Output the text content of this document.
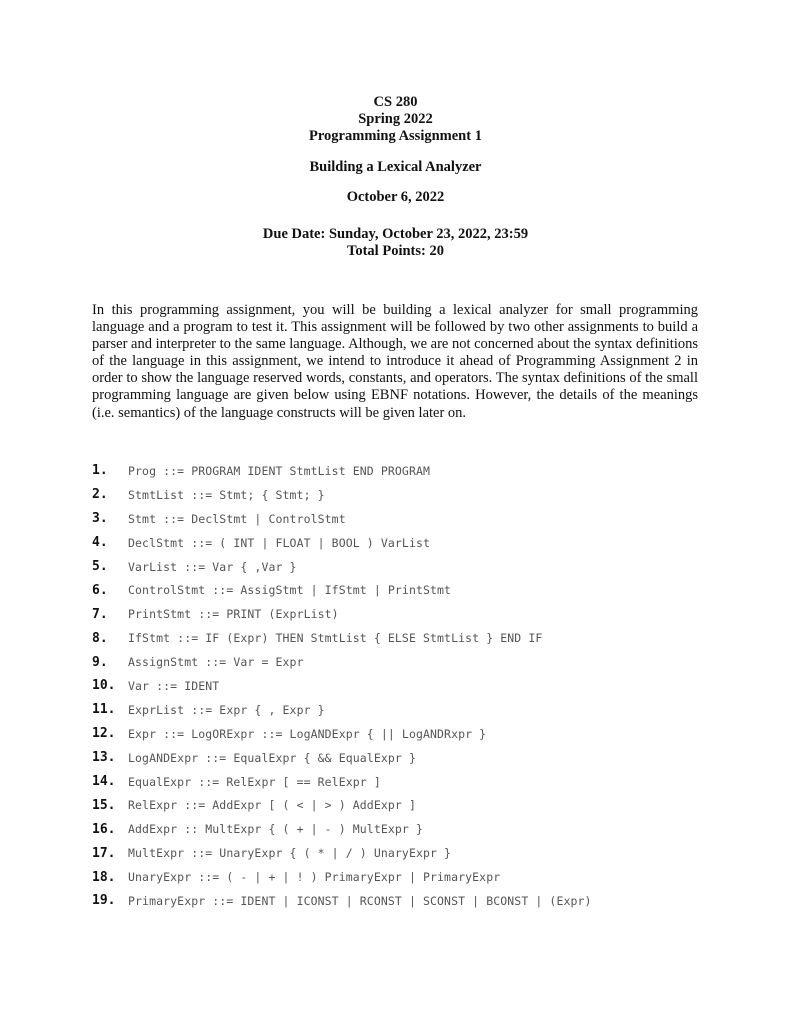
CS 280
Spring 2022
Programming Assignment 1
Building a Lexical Analyzer
October 6, 2022
Due Date: Sunday, October 23, 2022, 23:59
Total Points: 20

In this programming assignment, you will be building a lexical analyzer for small programming language and a program to test it. This assignment will be followed by two other assignments to build a parser and interpreter to the same language. Although, we are not concerned about the syntax definitions of the language in this assignment, we intend to introduce it ahead of Programming Assignment 2 in order to show the language reserved words, constants, and operators. The syntax definitions of the small programming language are given below using EBNF notations. However, the details of the meanings (i.e. semantics) of the language constructs will be given later on.

1.	Prog ::= PROGRAM IDENT StmtList END PROGRAM
2.	StmtList ::= Stmt; { Stmt; }
3.	Stmt ::= DeclStmt | ControlStmt
4.	DeclStmt ::= ( INT | FLOAT | BOOL ) VarList
5.	VarList ::= Var { ,Var }
6.	ControlStmt ::= AssigStmt | IfStmt | PrintStmt
7.	PrintStmt ::= PRINT (ExprList)
8.	IfStmt ::= IF (Expr) THEN StmtList { ELSE StmtList } END IF
9.	AssignStmt ::= Var = Expr
10.	Var ::= IDENT
11.	ExprList ::= Expr { , Expr }
12.	Expr ::= LogORExpr ::= LogANDExpr { || LogANDRxpr }
13.	LogANDExpr ::= EqualExpr { && EqualExpr }
14.	EqualExpr ::= RelExpr [ == RelExpr ]
15.	RelExpr ::= AddExpr [ ( < | > ) AddExpr ]
16.	AddExpr :: MultExpr { ( + | - ) MultExpr }
17.	MultExpr ::= UnaryExpr { ( * | / ) UnaryExpr }
18.	UnaryExpr ::= ( - | + | ! ) PrimaryExpr | PrimaryExpr
19.	PrimaryExpr ::= IDENT | ICONST | RCONST | SCONST | BCONST | (Expr)
